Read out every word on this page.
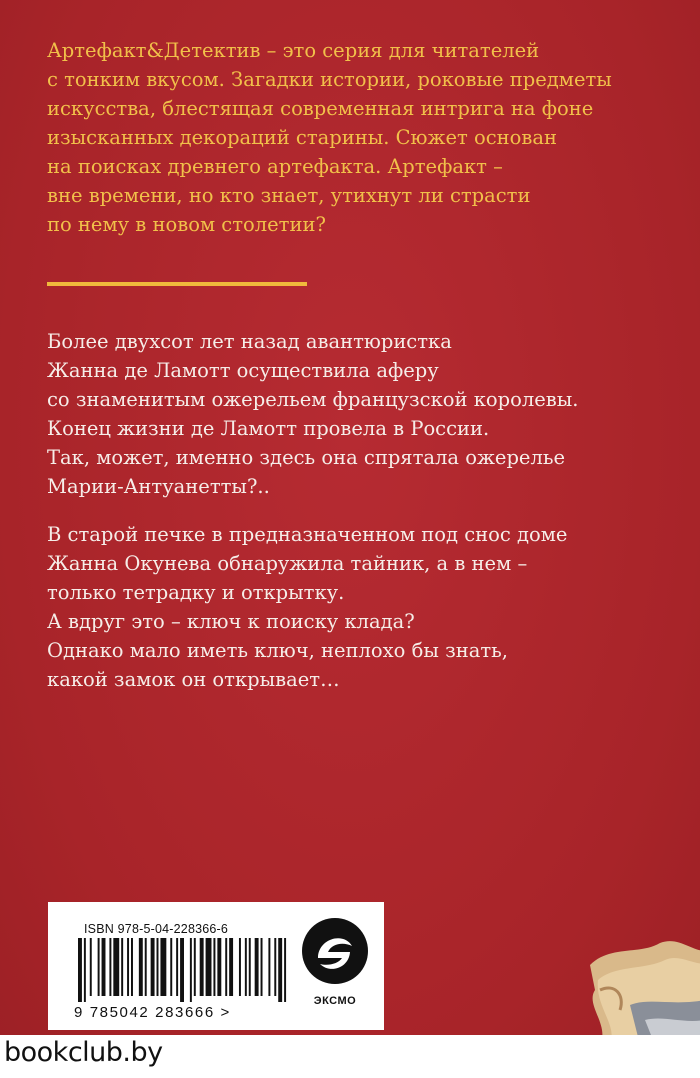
Артефакт&Детектив – это серия для читателей
с тонким вкусом. Загадки истории, роковые предметы
искусства, блестящая современная интрига на фоне
изысканных декораций старины. Сюжет основан
на поисках древнего артефакта. Артефакт –
вне времени, но кто знает, утихнут ли страсти
по нему в новом столетии?

Более двухсот лет назад авантюристка
Жанна де Ламотт осуществила аферу
со знаменитым ожерельем французской королевы.
Конец жизни де Ламотт провела в России.
Так, может, именно здесь она спрятала ожерелье
Марии-Антуанетты?..

В старой печке в предназначенном под снос доме
Жанна Окунева обнаружила тайник, а в нем –
только тетрадку и открытку.
А вдруг это – ключ к поиску клада?
Однако мало иметь ключ, неплохо бы знать,
какой замок он открывает…

ISBN 978-5-04-228366-6
9 785042 283666 >
ЭКСМО
bookclub.by
